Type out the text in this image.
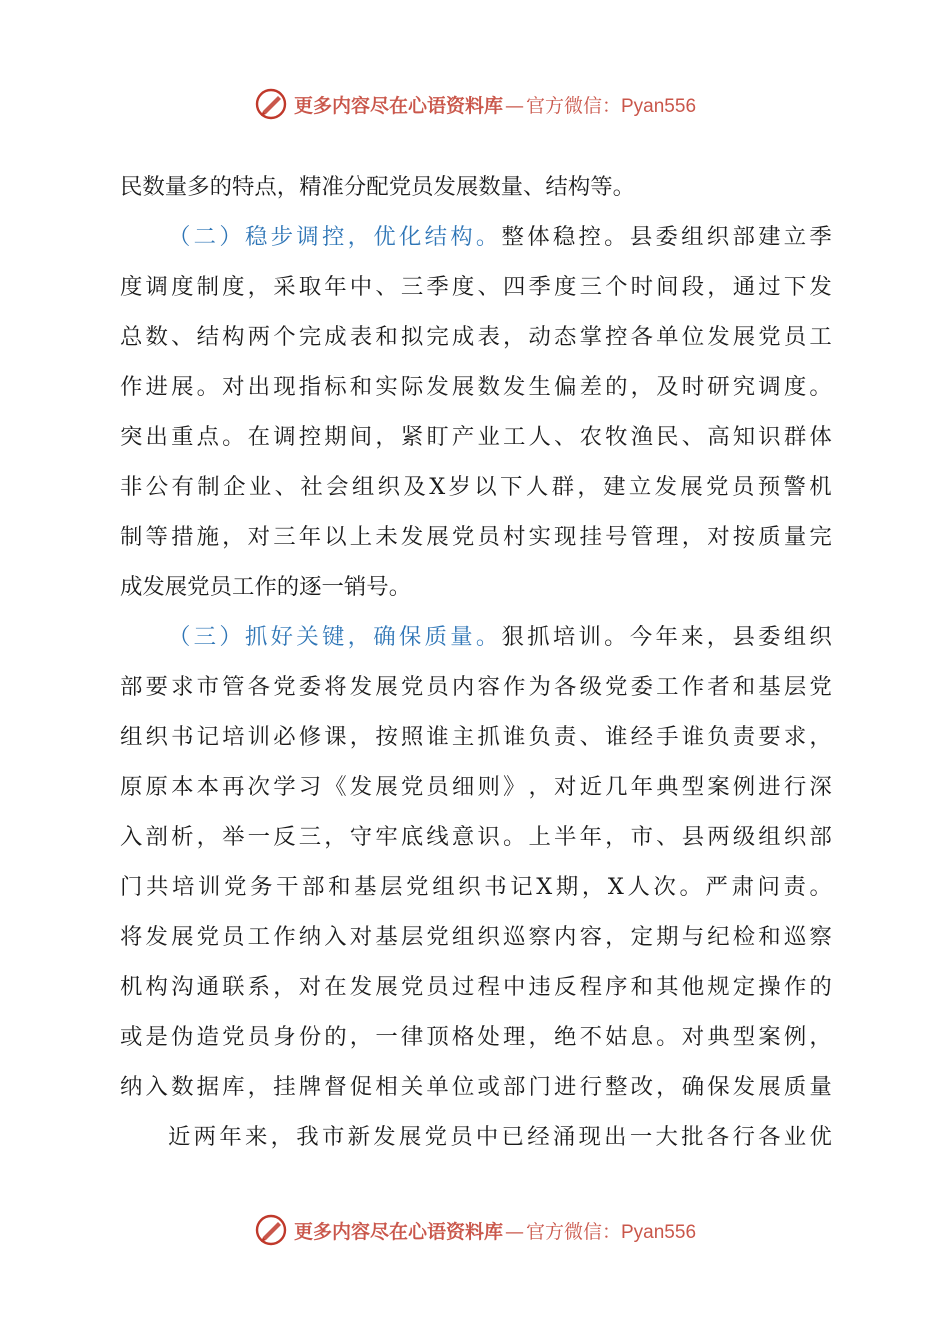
更多内容尽在心语资料库 — 官方微信：Pyan556
民 数 量 多 的 特 点 ， 精 准 分 配 党 员 发 展 数 量 、 结 构 等 。
（ 二 ） 稳 步 调 控 ， 优 化 结 构 。 整 体 稳 控 。 县 委 组 织 部 建 立 季
度 调 度 制 度 ， 采 取 年 中 、 三 季 度 、 四 季 度 三 个 时 间 段 ， 通 过 下 发
总 数 、 结 构 两 个 完 成 表 和 拟 完 成 表 ， 动 态 掌 控 各 单 位 发 展 党 员 工
作 进 展 。 对 出 现 指 标 和 实 际 发 展 数 发 生 偏 差 的 ， 及 时 研 究 调 度 。
突 出 重 点 。 在 调 控 期 间 ， 紧 盯 产 业 工 人 、 农 牧 渔 民 、 高 知 识 群 体
非 公 有 制 企 业 、 社 会 组 织 及 X 岁 以 下 人 群 ， 建 立 发 展 党 员 预 警 机
制 等 措 施 ， 对 三 年 以 上 未 发 展 党 员 村 实 现 挂 号 管 理 ， 对 按 质 量 完
成 发 展 党 员 工 作 的 逐 一 销 号 。
（ 三 ） 抓 好 关 键 ， 确 保 质 量 。 狠 抓 培 训 。 今 年 来 ， 县 委 组 织
部 要 求 市 管 各 党 委 将 发 展 党 员 内 容 作 为 各 级 党 委 工 作 者 和 基 层 党
组 织 书 记 培 训 必 修 课 ， 按 照 谁 主 抓 谁 负 责 、 谁 经 手 谁 负 责 要 求 ，
原 原 本 本 再 次 学 习 《 发 展 党 员 细 则 》 ， 对 近 几 年 典 型 案 例 进 行 深
入 剖 析 ， 举 一 反 三 ， 守 牢 底 线 意 识 。 上 半 年 ， 市 、 县 两 级 组 织 部
门 共 培 训 党 务 干 部 和 基 层 党 组 织 书 记 X 期 ， X 人 次 。 严 肃 问 责 。
将 发 展 党 员 工 作 纳 入 对 基 层 党 组 织 巡 察 内 容 ， 定 期 与 纪 检 和 巡 察
机 构 沟 通 联 系 ， 对 在 发 展 党 员 过 程 中 违 反 程 序 和 其 他 规 定 操 作 的
或 是 伪 造 党 员 身 份 的 ， 一 律 顶 格 处 理 ， 绝 不 姑 息 。 对 典 型 案 例 ，
纳 入 数 据 库 ， 挂 牌 督 促 相 关 单 位 或 部 门 进 行 整 改 ， 确 保 发 展 质 量
近 两 年 来 ， 我 市 新 发 展 党 员 中 已 经 涌 现 出 一 大 批 各 行 各 业 优
更多内容尽在心语资料库 — 官方微信：Pyan556
